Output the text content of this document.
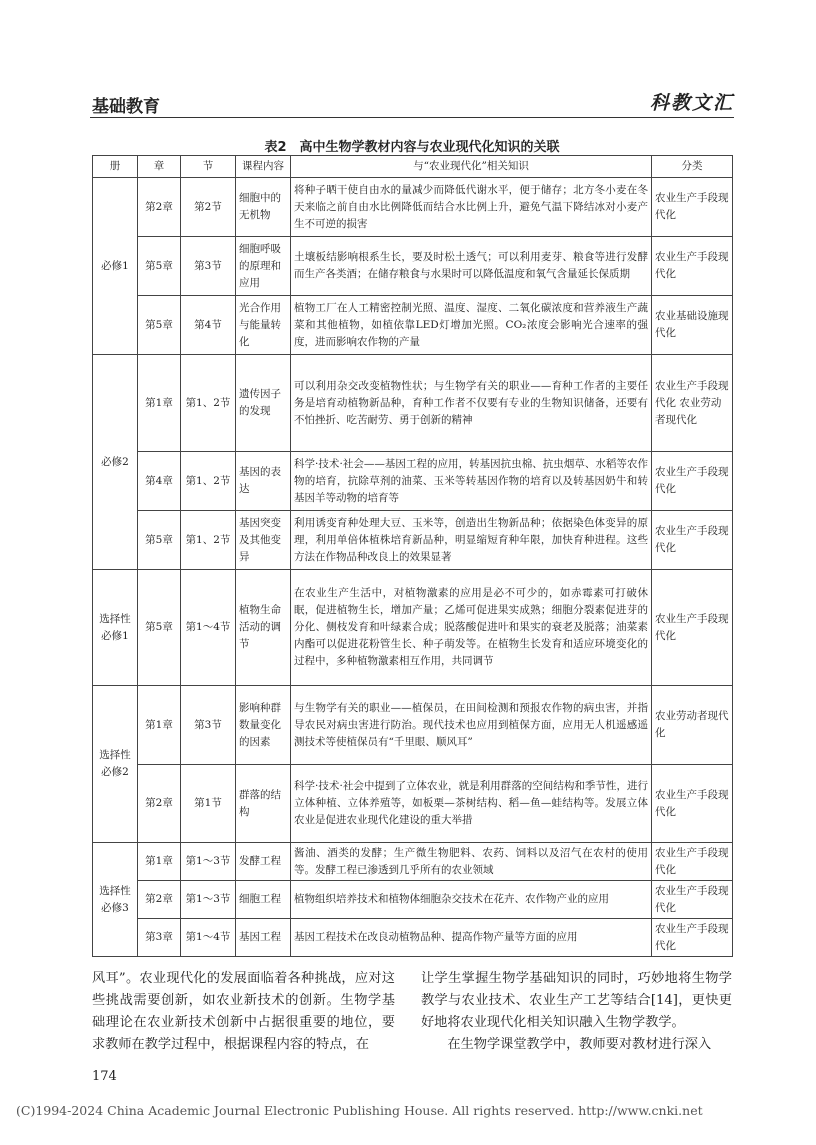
基础教育	科教文汇
表2　高中生物学教材内容与农业现代化知识的关联
册	章	节	课程内容	与“农业现代化”相关知识	分类
必修1	第2章	第2节	细胞中的无机物	将种子晒干使自由水的量减少而降低代谢水平，便于储存；北方冬小麦在冬天来临之前自由水比例降低而结合水比例上升，避免气温下降结冰对小麦产生不可逆的损害	农业生产手段现代化
	第5章	第3节	细胞呼吸的原理和应用	土壤板结影响根系生长，要及时松土透气；可以利用麦芽、粮食等进行发酵而生产各类酒；在储存粮食与水果时可以降低温度和氧气含量延长保质期	农业生产手段现代化
	第5章	第4节	光合作用与能量转化	植物工厂在人工精密控制光照、温度、湿度、二氧化碳浓度和营养液生产蔬菜和其他植物，如植依靠LED灯增加光照。CO₂浓度会影响光合速率的强度，进而影响农作物的产量	农业基础设施现代化
必修2	第1章	第1、2节	遗传因子的发现	可以利用杂交改变植物性状；与生物学有关的职业——育种工作者的主要任务是培育动植物新品种，育种工作者不仅要有专业的生物知识储备，还要有不怕挫折、吃苦耐劳、勇于创新的精神	农业生产手段现代化 农业劳动者现代化
	第4章	第1、2节	基因的表达	科学·技术·社会——基因工程的应用，转基因抗虫棉、抗虫烟草、水稻等农作物的培育，抗除草剂的油菜、玉米等转基因作物的培育以及转基因奶牛和转基因羊等动物的培育等	农业生产手段现代化
	第5章	第1、2节	基因突变及其他变异	利用诱变育种处理大豆、玉米等，创造出生物新品种；依据染色体变异的原理，利用单倍体植株培育新品种，明显缩短育种年限，加快育种进程。这些方法在作物品种改良上的效果显著	农业生产手段现代化
选择性必修1	第5章	第1～4节	植物生命活动的调节	在农业生产生活中，对植物激素的应用是必不可少的，如赤霉素可打破休眠，促进植物生长，增加产量；乙烯可促进果实成熟；细胞分裂素促进芽的分化、侧枝发育和叶绿素合成；脱落酸促进叶和果实的衰老及脱落；油菜素内酯可以促进花粉管生长、种子萌发等。在植物生长发育和适应环境变化的过程中，多种植物激素相互作用，共同调节	农业生产手段现代化
选择性必修2	第1章	第3节	影响种群数量变化的因素	与生物学有关的职业——植保员，在田间检测和预报农作物的病虫害，并指导农民对病虫害进行防治。现代技术也应用到植保方面，应用无人机遥感遥测技术等使植保员有“千里眼、顺风耳”	农业劳动者现代化
	第2章	第1节	群落的结构	科学·技术·社会中提到了立体农业，就是利用群落的空间结构和季节性，进行立体种植、立体养殖等，如板栗—茶树结构、稻—鱼—蛙结构等。发展立体农业是促进农业现代化建设的重大举措	农业生产手段现代化
选择性必修3	第1章	第1～3节	发酵工程	酱油、酒类的发酵；生产微生物肥料、农药、饲料以及沼气在农村的使用等。发酵工程已渗透到几乎所有的农业领域	农业生产手段现代化
	第2章	第1～3节	细胞工程	植物组织培养技术和植物体细胞杂交技术在花卉、农作物产业的应用	农业生产手段现代化
	第3章	第1～4节	基因工程	基因工程技术在改良动植物品种、提高作物产量等方面的应用	农业生产手段现代化
风耳”。农业现代化的发展面临着各种挑战，应对这些挑战需要创新，如农业新技术的创新。生物学基础理论在农业新技术创新中占据很重要的地位，要求教师在教学过程中，根据课程内容的特点，在
让学生掌握生物学基础知识的同时，巧妙地将生物学教学与农业技术、农业生产工艺等结合[14]，更快更好地将农业现代化相关知识融入生物学教学。
在生物学课堂教学中，教师要对教材进行深入
174
(C)1994-2024 China Academic Journal Electronic Publishing House. All rights reserved. http://www.cnki.net
